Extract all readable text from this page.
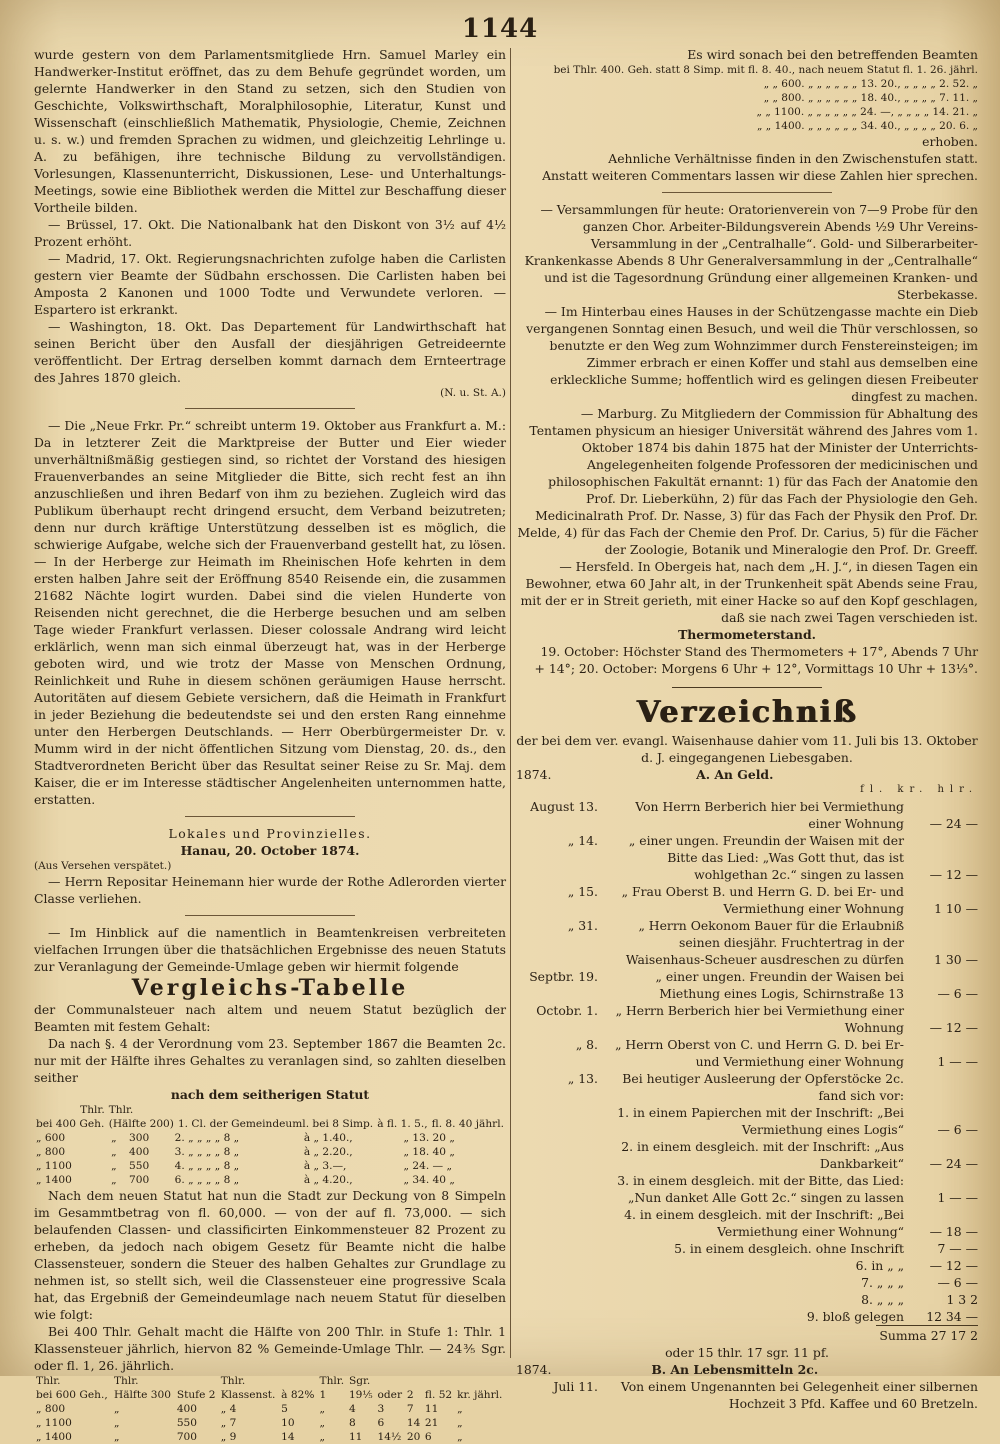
1144

wurde gestern von dem Parlamentsmitgliede Hrn. Samuel Marley ein Handwerker-Institut eröffnet, das zu dem Behufe gegründet worden, um gelernte Handwerker in den Stand zu setzen, sich den Studien von Geschichte, Volkswirthschaft, Moralphilosophie, Literatur, Kunst und Wissenschaft (einschließlich Mathematik, Physiologie, Chemie, Zeichnen u. s. w.) und fremden Sprachen zu widmen, und gleichzeitig Lehrlinge u. A. zu befähigen, ihre technische Bildung zu vervollständigen. Vorlesungen, Klassenunterricht, Diskussionen, Lese- und Unterhaltungs-Meetings, sowie eine Bibliothek werden die Mittel zur Beschaffung dieser Vortheile bilden.

— Brüssel, 17. Okt. Die Nationalbank hat den Diskont von 3½ auf 4½ Prozent erhöht.

— Madrid, 17. Okt. Regierungsnachrichten zufolge haben die Carlisten gestern vier Beamte der Südbahn erschossen. Die Carlisten haben bei Amposta 2 Kanonen und 1000 Todte und Verwundete verloren. — Espartero ist erkrankt.

— Washington, 18. Okt. Das Departement für Landwirthschaft hat seinen Bericht über den Ausfall der diesjährigen Getreideernte veröffentlicht. Der Ertrag derselben kommt darnach dem Ernteertrage des Jahres 1870 gleich.

(N. u. St. A.)

— Die „Neue Frkr. Pr.“ schreibt unterm 19. Oktober aus Frankfurt a. M.: Da in letzterer Zeit die Marktpreise der Butter und Eier wieder unverhältnißmäßig gestiegen sind, so richtet der Vorstand des hiesigen Frauenverbandes an seine Mitglieder die Bitte, sich recht fest an ihn anzuschließen und ihren Bedarf von ihm zu beziehen. Zugleich wird das Publikum überhaupt recht dringend ersucht, dem Verband beizutreten; denn nur durch kräftige Unterstützung desselben ist es möglich, die schwierige Aufgabe, welche sich der Frauenverband gestellt hat, zu lösen. — In der Herberge zur Heimath im Rheinischen Hofe kehrten in dem ersten halben Jahre seit der Eröffnung 8540 Reisende ein, die zusammen 21682 Nächte logirt wurden. Dabei sind die vielen Hunderte von Reisenden nicht gerechnet, die die Herberge besuchen und am selben Tage wieder Frankfurt verlassen. Dieser colossale Andrang wird leicht erklärlich, wenn man sich einmal überzeugt hat, was in der Herberge geboten wird, und wie trotz der Masse von Menschen Ordnung, Reinlichkeit und Ruhe in diesem schönen geräumigen Hause herrscht. Autoritäten auf diesem Gebiete versichern, daß die Heimath in Frankfurt in jeder Beziehung die bedeutendste sei und den ersten Rang einnehme unter den Herbergen Deutschlands. — Herr Oberbürgermeister Dr. v. Mumm wird in der nicht öffentlichen Sitzung vom Dienstag, 20. ds., den Stadtverordneten Bericht über das Resultat seiner Reise zu Sr. Maj. dem Kaiser, die er im Interesse städtischer Angelenheiten unternommen hatte, erstatten.

Lokales und Provinzielles.

Hanau, 20. October 1874.

(Aus Versehen verspätet.)

— Herrn Repositar Heinemann hier wurde der Rothe Adlerorden vierter Classe verliehen.

— Im Hinblick auf die namentlich in Beamtenkreisen verbreiteten vielfachen Irrungen über die thatsächlichen Ergebnisse des neuen Statuts zur Veranlagung der Gemeinde-Umlage geben wir hiermit folgende

Vergleichs-Tabelle

der Communalsteuer nach altem und neuem Statut bezüglich der Beamten mit festem Gehalt:

Da nach §. 4 der Verordnung vom 23. September 1867 die Beamten 2c. nur mit der Hälfte ihres Gehaltes zu veranlagen sind, so zahlten dieselben seither

nach dem seitherigen Statut

Thlr.	Thlr.			
bei 400 Geh.	(Hälfte 200)	1. Cl. der Gemeindeuml. bei 8 Simp.	à fl. 1. 5.,	fl. 8. 40 jährl.
„ 600	„	300	2. „ „ „ „ 8 „	à „ 1.40.,	„ 13. 20 „
„ 800	„	400	3. „ „ „ „ 8 „	à „ 2.20.,	„ 18. 40 „
„ 1100	„	550	4. „ „ „ „ 8 „	à „ 3.—,	„ 24. — „
„ 1400	„	700	6. „ „ „ „ 8 „	à „ 4.20.,	„ 34. 40 „

Nach dem neuen Statut hat nun die Stadt zur Deckung von 8 Simpeln im Gesammtbetrag von fl. 60,000. — von der auf fl. 73,000. — sich belaufenden Classen- und classificirten Einkommensteuer 82 Prozent zu erheben, da jedoch nach obigem Gesetz für Beamte nicht die halbe Classensteuer, sondern die Steuer des halben Gehaltes zur Grundlage zu nehmen ist, so stellt sich, weil die Classensteuer eine progressive Scala hat, das Ergebniß der Gemeindeumlage nach neuem Statut für dieselben wie folgt:

Bei 400 Thlr. Gehalt macht die Hälfte von 200 Thlr. in Stufe 1: Thlr. 1 Klassensteuer jährlich, hiervon 82 % Gemeinde-Umlage Thlr. — 24⅗ Sgr. oder fl. 1, 26. jährlich.

Thlr.	Thlr.		Thlr.		Thlr.	Sgr.				
bei 600 Geh.,	Hälfte 300	Stufe 2	Klassenst.	à 82%	1	19⅕	oder	2	fl. 52	kr. jährl.
„ 800	„	400	„ 4	5	„	4	3	7	11	„
„ 1100	„	550	„ 7	10	„	8	6	14	21	„
„ 1400	„	700	„ 9	14	„	11	14½	20	6	„

Es wird sonach bei den betreffenden Beamten

bei Thlr. 400. Geh. statt 8 Simp. mit fl. 8. 40., nach neuem Statut fl. 1. 26. jährl.
„ „ 600. „ „ „ „ „ „ 13. 20., „ „ „ „ 2. 52. „
„ „ 800. „ „ „ „ „ „ 18. 40., „ „ „ „ 7. 11. „
„ „ 1100. „ „ „ „ „ „ 24. —, „ „ „ „ 14. 21. „
„ „ 1400. „ „ „ „ „ „ 34. 40., „ „ „ „ 20. 6. „

erhoben.

Aehnliche Verhältnisse finden in den Zwischenstufen statt.

Anstatt weiteren Commentars lassen wir diese Zahlen hier sprechen.

— Versammlungen für heute: Oratorienverein von 7—9 Probe für den ganzen Chor. Arbeiter-Bildungsverein Abends ½9 Uhr Vereins-Versammlung in der „Centralhalle“. Gold- und Silberarbeiter-Krankenkasse Abends 8 Uhr Generalversammlung in der „Centralhalle“ und ist die Tagesordnung Gründung einer allgemeinen Kranken- und Sterbekasse.

— Im Hinterbau eines Hauses in der Schützengasse machte ein Dieb vergangenen Sonntag einen Besuch, und weil die Thür verschlossen, so benutzte er den Weg zum Wohnzimmer durch Fenstereinsteigen; im Zimmer erbrach er einen Koffer und stahl aus demselben eine erkleckliche Summe; hoffentlich wird es gelingen diesen Freibeuter dingfest zu machen.

— Marburg. Zu Mitgliedern der Commission für Abhaltung des Tentamen physicum an hiesiger Universität während des Jahres vom 1. Oktober 1874 bis dahin 1875 hat der Minister der Unterrichts-Angelegenheiten folgende Professoren der medicinischen und philosophischen Fakultät ernannt: 1) für das Fach der Anatomie den Prof. Dr. Lieberkühn, 2) für das Fach der Physiologie den Geh. Medicinalrath Prof. Dr. Nasse, 3) für das Fach der Physik den Prof. Dr. Melde, 4) für das Fach der Chemie den Prof. Dr. Carius, 5) für die Fächer der Zoologie, Botanik und Mineralogie den Prof. Dr. Greeff.

— Hersfeld. In Obergeis hat, nach dem „H. J.“, in diesen Tagen ein Bewohner, etwa 60 Jahr alt, in der Trunkenheit spät Abends seine Frau, mit der er in Streit gerieth, mit einer Hacke so auf den Kopf geschlagen, daß sie nach zwei Tagen verschieden ist.

Thermometerstand.

19. October: Höchster Stand des Thermometers + 17°, Abends 7 Uhr + 14°; 20. October: Morgens 6 Uhr + 12°, Vormittags 10 Uhr + 13⅓°.

Verzeichniß

der bei dem ver. evangl. Waisenhause dahier vom 11. Juli bis 13. Oktober d. J. eingegangenen Liebesgaben.

1874.	A. An Geld.
fl. kr. hlr.
August 13.	Von Herrn Berberich hier bei Vermiethung einer Wohnung	— 24 —
„ 14.	„ einer ungen. Freundin der Waisen mit der Bitte das Lied: „Was Gott thut, das ist wohlgethan 2c.“ singen zu lassen	— 12 —
„ 15.	„ Frau Oberst B. und Herrn G. D. bei Er- und Vermiethung einer Wohnung	1 10 —
„ 31.	„ Herrn Oekonom Bauer für die Erlaubniß seinen diesjähr. Fruchtertrag in der Waisenhaus-Scheuer ausdreschen zu dürfen	1 30 —
Septbr. 19.	„ einer ungen. Freundin der Waisen bei Miethung eines Logis, Schirnstraße 13	— 6 —
Octobr. 1.	„ Herrn Berberich hier bei Vermiethung einer Wohnung	— 12 —
„ 8.	„ Herrn Oberst von C. und Herrn G. D. bei Er- und Vermiethung einer Wohnung	1 — —
„ 13.	Bei heutiger Ausleerung der Opferstöcke 2c. fand sich vor:	
	1. in einem Papierchen mit der Inschrift: „Bei Vermiethung eines Logis“	— 6 —
	2. in einem desgleich. mit der Inschrift: „Aus Dankbarkeit“	— 24 —
	3. in einem desgleich. mit der Bitte, das Lied: „Nun danket Alle Gott 2c.“ singen zu lassen	1 — —
	4. in einem desgleich. mit der Inschrift: „Bei Vermiethung einer Wohnung“	— 18 —
	5. in einem desgleich. ohne Inschrift	7 — —
	6. in „ „	— 12 —
	7. „ „ „	— 6 —
	8. „ „ „	1 3 2
	9. bloß gelegen	12 34 —
Summa 27 17 2

oder 15 thlr. 17 sgr. 11 pf.

1874.	B. An Lebensmitteln 2c.
Juli 11.	Von einem Ungenannten bei Gelegenheit einer silbernen Hochzeit 3 Pfd. Kaffee und 60 Bretzeln.
